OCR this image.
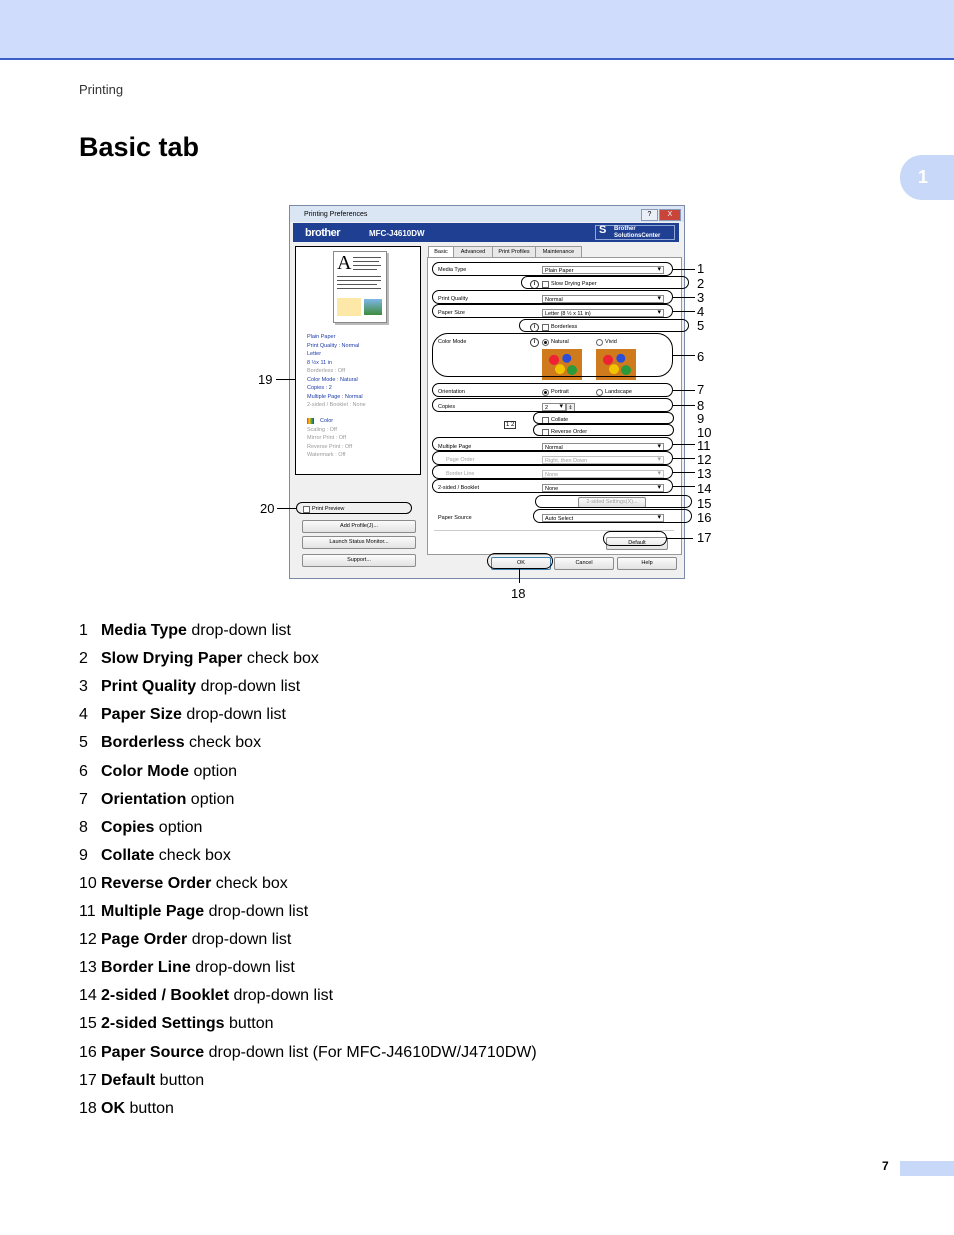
Printing
Basic tab
1
Printing Preferences	?	X
brother	MFC-J4610DW	S Brother
SolutionsCenter
A
Plain Paper
Print Quality : Normal
Letter
8 ½x 11 in
Borderless : Off
Color Mode : Natural
Copies : 2
Multiple Page : Normal
2-sided / Booklet : None
Color
Scaling : Off
Mirror Print : Off
Reverse Print : Off
Watermark : Off
Print Preview
Add Profile(J)...
Launch Status Monitor...
Support...
Basic	Advanced	Print Profiles	Maintenance
Media Type	Plain Paper ▾
i	Slow Drying Paper
Print Quality	Normal ▾
Paper Size	Letter (8 ½ x 11 in) ▾
i	Borderless
Color Mode	i	Natural	Vivid
Orientation	Portrait	Landscape
Copies	2 ▾	⇕
1 2
Collate
Reverse Order
Multiple Page	Normal ▾
Page Order	Right, then Down ▾
Border Line	None ▾
2-sided / Booklet	None ▾
2-sided Settings(X)...
Paper Source	Auto Select ▾
Default
OK	Cancel	Help
1
2
3
4
5
6
7
8
9
10
11
12
13
14
15
16
17
18
19
20
1 Media Type drop-down list
2 Slow Drying Paper check box
3 Print Quality drop-down list
4 Paper Size drop-down list
5 Borderless check box
6 Color Mode option
7 Orientation option
8 Copies option
9 Collate check box
10 Reverse Order check box
11 Multiple Page drop-down list
12 Page Order drop-down list
13 Border Line drop-down list
14 2-sided / Booklet drop-down list
15 2-sided Settings button
16 Paper Source drop-down list (For MFC-J4610DW/J4710DW)
17 Default button
18 OK button
7
